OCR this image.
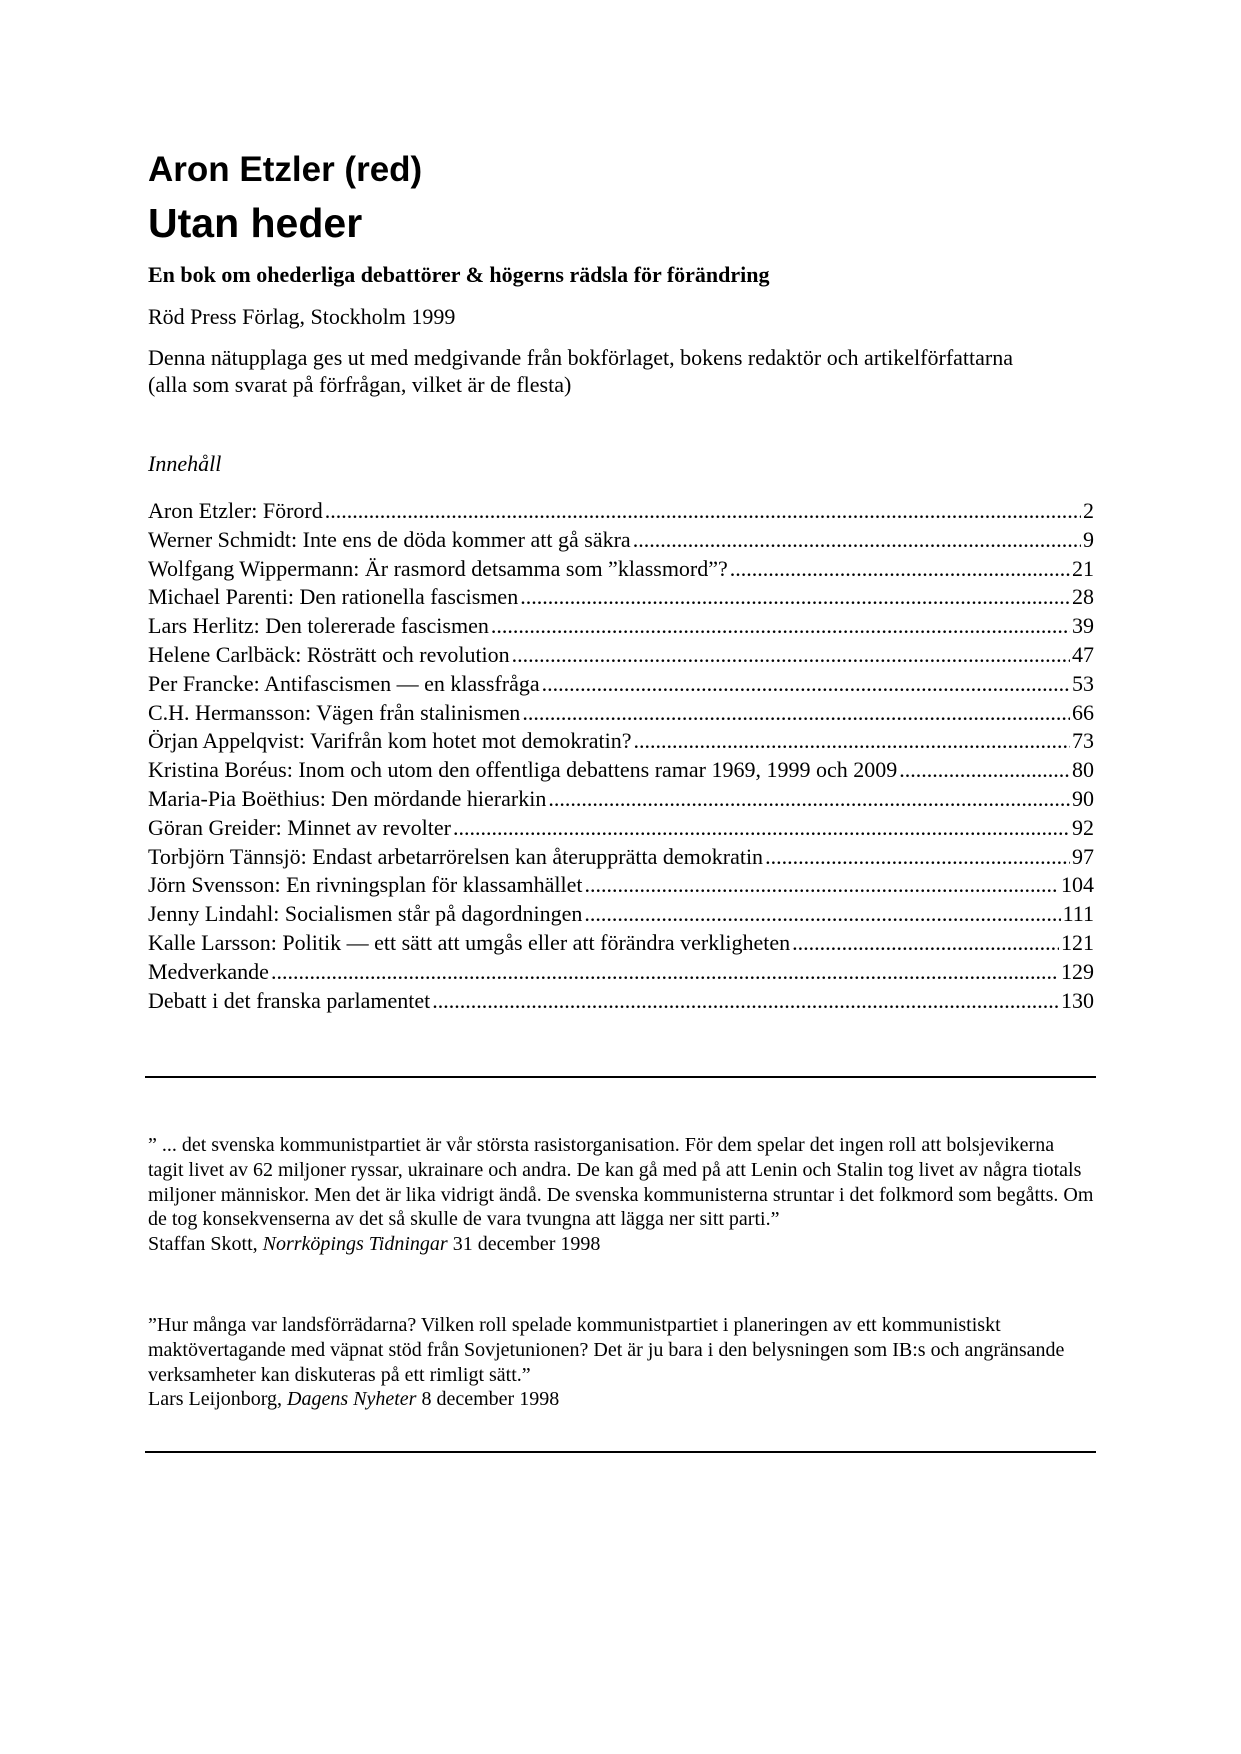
Aron Etzler (red)
Utan heder

En bok om ohederliga debattörer & högerns rädsla för förändring

Röd Press Förlag, Stockholm 1999

Denna nätupplaga ges ut med medgivande från bokförlaget, bokens redaktör och artikelförfattarna (alla som svarat på förfrågan, vilket är de flesta)

Innehåll

Aron Etzler: Förord .....	2
Werner Schmidt: Inte ens de döda kommer att gå säkra .....	9
Wolfgang Wippermann: Är rasmord detsamma som ”klassmord”? .....	21
Michael Parenti: Den rationella fascismen .....	28
Lars Herlitz: Den tolererade fascismen .....	39
Helene Carlbäck: Rösträtt och revolution .....	47
Per Francke: Antifascismen — en klassfråga .....	53
C.H. Hermansson: Vägen från stalinismen .....	66
Örjan Appelqvist: Varifrån kom hotet mot demokratin? .....	73
Kristina Boréus: Inom och utom den offentliga debattens ramar 1969, 1999 och 2009 .....	80
Maria-Pia Boëthius: Den mördande hierarkin .....	90
Göran Greider: Minnet av revolter .....	92
Torbjörn Tännsjö: Endast arbetarrörelsen kan återupprätta demokratin .....	97
Jörn Svensson: En rivningsplan för klassamhället .....	104
Jenny Lindahl: Socialismen står på dagordningen .....	111
Kalle Larsson: Politik — ett sätt att umgås eller att förändra verkligheten .....	121
Medverkande .....	129
Debatt i det franska parlamentet .....	130

” ... det svenska kommunistpartiet är vår största rasistorganisation. För dem spelar det ingen roll att bolsjevikerna tagit livet av 62 miljoner ryssar, ukrainare och andra. De kan gå med på att Lenin och Stalin tog livet av några tiotals miljoner människor. Men det är lika vidrigt ändå. De svenska kommunisterna struntar i det folkmord som begåtts. Om de tog konsekvenserna av det så skulle de vara tvungna att lägga ner sitt parti.”

Staffan Skott, Norrköpings Tidningar 31 december 1998

”Hur många var landsförrädarna? Vilken roll spelade kommunistpartiet i planeringen av ett kommunistiskt maktövertagande med väpnat stöd från Sovjetunionen? Det är ju bara i den belysningen som IB:s och angränsande verksamheter kan diskuteras på ett rimligt sätt.”

Lars Leijonborg, Dagens Nyheter 8 december 1998
